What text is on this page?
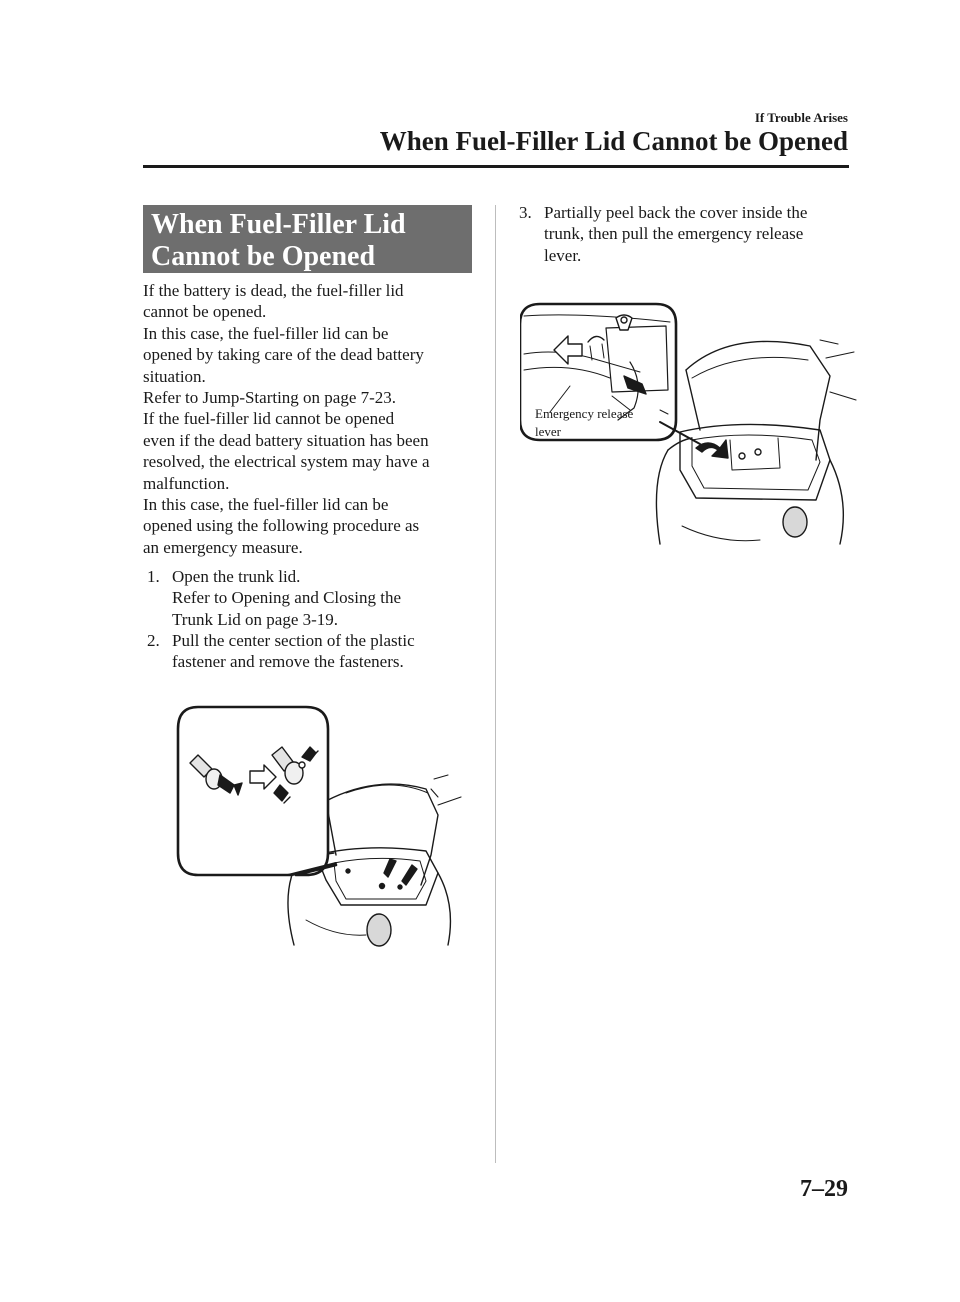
If Trouble Arises
When Fuel-Filler Lid Cannot be Opened
When Fuel-Filler Lid
Cannot be Opened

If the battery is dead, the fuel-filler lid

cannot be opened.

In this case, the fuel-filler lid can be

opened by taking care of the dead battery

situation.

Refer to Jump-Starting on page 7-23.

If the fuel-filler lid cannot be opened

even if the dead battery situation has been

resolved, the electrical system may have a

malfunction.

In this case, the fuel-filler lid can be

opened using the following procedure as

an emergency measure.

1. Open the trunk lid.
Refer to Opening and Closing the
Trunk Lid on page 3-19.
2. Pull the center section of the plastic
fastener and remove the fasteners.
3. Partially peel back the cover inside the
trunk, then pull the emergency release
lever.
Emergency release
lever
7–29
